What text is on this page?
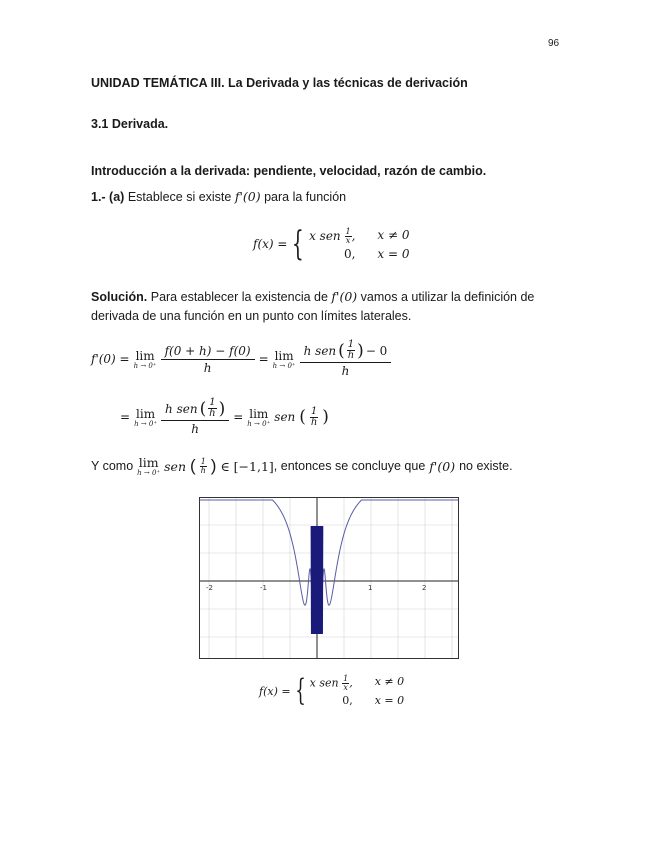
96
UNIDAD TEMÁTICA III. La Derivada y las técnicas de derivación
3.1 Derivada.
Introducción a la derivada: pendiente, velocidad, razón de cambio.
1.- (a) Establece si existe f'(0) para la función
f(x) = { x sen $\frac{1}{x}$ , x ≠ 0
0, x = 0
Solución. Para establecer la existencia de f'(0) vamos a utilizar la definición de
derivada de una función en un punto con límites laterales.
f'(0) = lim
$h \to 0^+ \frac{f(0 + h) - f(0)}{h} = \lim$
$h \to 0^+ \frac{h sen ( \frac{1}{h} ) - 0}{h}$
= lim
$h \to 0^+ \frac{h sen ( \frac{1}{h} )}{h} = \lim$
h → 0⁺ sen ( $\frac{1}{h}$ )
Y como lim
h → 0⁺ sen ( $\frac{1}{h}$ ) ∈ [−1,1] , entonces se concluye que f'(0) no existe.
-2	-1	1	2
f(x) = { x sen $\frac{1}{x}$ , x ≠ 0
0, x = 0
